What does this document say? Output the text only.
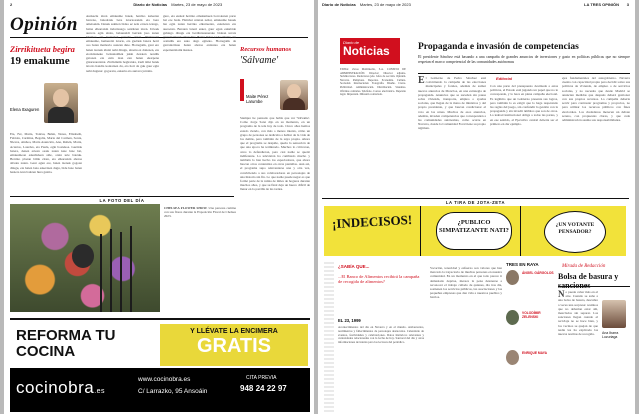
2	Diario de Noticias Martes, 23 de mayo de 2023
Opinión
Zirrikitueta begira
19 emakume
Elena Itxaguren
Eta, Fer, María, Tontxu, Belén, Nerea, Elisabeth, Fabiola, Carmina, Begoña, Maria del Carmen, Sonia, Nieves, Ainhoa, María Asunción, Ana, Rubén, María, Acantos, Lourdes, eta Paula, egin bostekoa. Guztiok batera, denen artean osatu zuten kate luze bat, emakumeon eskubideen alde, orain urte batzuk. Herriko plazan bildu ziren, eta elkarrekin ahotsa altxatu zuten. Gaur egun ere, haien izenak gogoan ditugu, eta haien lana eskertzen dugu, bide luze baten hasiera izan baitzen hura guztia.
Aurkeztu ziren emakume haiek, herriko kaleetan barrena, bakoitzak bere istorioarekin eta bere ametsekin. Denek zekiten bidea ez zela erraza izango, baina elkarrekin indartsuago sentitzen ziren. Urteek aurrera egin ahala, belaunaldi berriek jaso zuten lekukoa eta borrokan jarraitu zuten. Hemeretzi emakume, hemeretzi istorio, eta guztiek batera herri oso baten memoria osatzen dute. Horregatik, gaur ere haien izenak idatzi nahi ditugu, ahaztu ez daitezen, eta etorkizuneko belaunaldiek jakin dezaten nondik gatozen eta zein izan zen haien ekarpena gizartearentzat. Zirrikitutik begiratuta, irudi txiki batek istorio handia kontatzen du, eta hori da guk gaur egin nahi duguna: gogoratu, eskertu eta aurrera jarraitu.
gure, eta euskal herriko emakumeen borrokaren parte bat ere bada. Hainbat urtetan zehar, emakume hauek lan egin zuten herriko elkarteetan, eskoletan eta auzoetan. Beraien lanari esker, gaur egun eskubide gehiago ditugu eta berdintasunerako bidean urrats garrantzitsuak eman dira. Baina bidea ez da amaitu, eta oraindik ere asko dago egiteko. Horregatik da garrantzitsua haien ahotsa entzutea eta haien esperientziatik ikastea.	Recursos humanos
'Sálvame'
Maite Pérez Larumbe
Siempre he pensado que habla que ver 'Sálvame'. Como Jorge Sanz dijo en su momento, en un programa de la tele hay de todo. Cinco años hemos estado viendo, con más o menos interés, cómo un grupo de personas se dedicaba a hablar de la vida de los demás, pero también de la suya propia. Ahora que el programa se despide, queda la sensación de que una época ha terminado. Muchos lo criticaron, otros lo defendieron, pero casi nadie se quedó indiferente. La televisión ha cambiado mucho y también lo han hecho los espectadores, que ahora buscan otros contenidos en otras pantallas. Aun así, el programa supo reinventarse una y otra vez, convirtiendo a sus colaboradores en personajes de una historia sin fin. Lo que nadie puede negar es que formó parte de la rutina de miles de hogares durante muchos años, y que su final deja un hueco difícil de llenar en la parrilla de las tardes.
LA FOTO DEL DÍA
CHELSEA FLOWER SHOW. Una persona camina con sus flores durante la Exposición Floral de Chelsea 2023.
REFORMA TU COCINA
Y LLÉVATE LA ENCIMERA
GRATIS
cocinobra.es
www.cocinobra.es
C/ Larrazko, 95 Ansoáin
CITA PREVIA
948 24 22 97
Diario de Noticias Martes, 23 de mayo de 2023	LA TRES OPINIÓN 3
Diario de
Noticias
EDITA: Zeroa Multimedia, S.A. CONSEJO DE ADMINISTRACIÓN. Director: Director adjunto. Subdirectores. Redactores jefe. Jefes de sección. Opinión. Navarra. Pamplona. Deportes. Economía. Cultura. Sociedad. Internacional. Fotografía. Diseño. Cierre. Publicidad. Administración. Distribución. Sistemas. Oficinas centrales. Teléfono. Correo electrónico. Depósito legal. Impresión. Difusión controlada.
Propaganda e invasión de competencias
El presidente Sánchez está basando a una campaña de grandes anuncios de inversiones y gasto en políticas públicas que no siempre respetan el marco competencial de las comunidades autónomas
El Gobierno de Pedro Sánchez está convirtiendo la campaña de las elecciones municipales y forales, además de sumar nuevos anuncios de Moncloa, en una estrategia de propaganda. Anuncios que se suceden sin pausa sobre vivienda, transporte, empleo o ayudas sociales, que llegan de la mano de ministros y del propio presidente, y que buscan condicionar el voto en las urnas. Muchos de esos anuncios, además, invaden competencias que corresponden a las comunidades autónomas, como ocurre en Navarra, donde la Comunidad Foral tiene su propio régimen.
Editorial
Con una parte del presupuesto destinada a estas políticas, el Estado está jugando un papel que no le corresponde, y lo hace en plena campaña electoral. Es legítimo que un Gobierno presente sus logros, pero también lo es exigir que lo haga respetando las reglas del juego, sin confundir la gestión con la propaganda y sin invadir ámbitos que son de otros. La lealtad institucional obliga a todas las partes, y en ese sentido, el Ejecutivo central debería ser el primero en dar ejemplo.
ejes fundamentales del autogobierno. Navarra cuenta con capacidad propia para decidir sobre sus políticas de vivienda, de empleo o de servicios sociales, y no necesita que desde Madrid se anuncien medidas que después deberá gestionar con sus propios recursos. La campaña debería servir para contrastar programas y proyectos, no para utilizar los recursos públicos con fines electorales. Los ciudadanos merecen un debate sereno, con propuestas claras, y que cada administración asuma sus responsabilidades.
LA TIRA DE JOTA-ZETA
¡INDECISOS!	¿PUBLICO SIMPATIZANTE NATI?
¿UN VOTANTE PENSADOR?
¿SABÍA QUE...
...El Banco de Alimentos recibirá la campaña de recogida de alimentos?
EL 23, 1999
Acontecimientos del día en Navarra y en el mundo. Aniversarios, nacimientos y fallecimientos de personajes destacados. Calendario de eventos, festividades y celebraciones. Datos históricos relevantes y curiosidades relacionadas con la fecha de hoy. Santoral del día y otras informaciones de interés para los lectores del periódico.
Vocación, tenacidad y esfuerzo son valores que han marcado la trayectoria de muchas personas en nuestra comunidad. En un momento en el que todo parece ir demasiado deprisa, merece la pena detenerse a reconocer el trabajo callado de quienes, día tras día, sostienen los servicios públicos, las asociaciones y las pequeñas empresas que dan vida a nuestros pueblos y barrios.
TRES EN RAYA
ÁNGEL GÁRGOLOS
VOLODÍMIR ZELENSKI
ENRIQUE MAYA
Mirada de Redacción
Bolsa de basura y
No puede caber más en el aire. Cuando se sube a una bolsa de basura, descubre a veces una sorpresa: residuos que no deberían estar ahí, mezclados sin separar. Las sanciones llegan cuando el reciclaje no se hace bien, y los vecinos se quejan de que nadie les ha explicado las nuevas normas de recogida.	Ana Ibarra Luzuriaga
